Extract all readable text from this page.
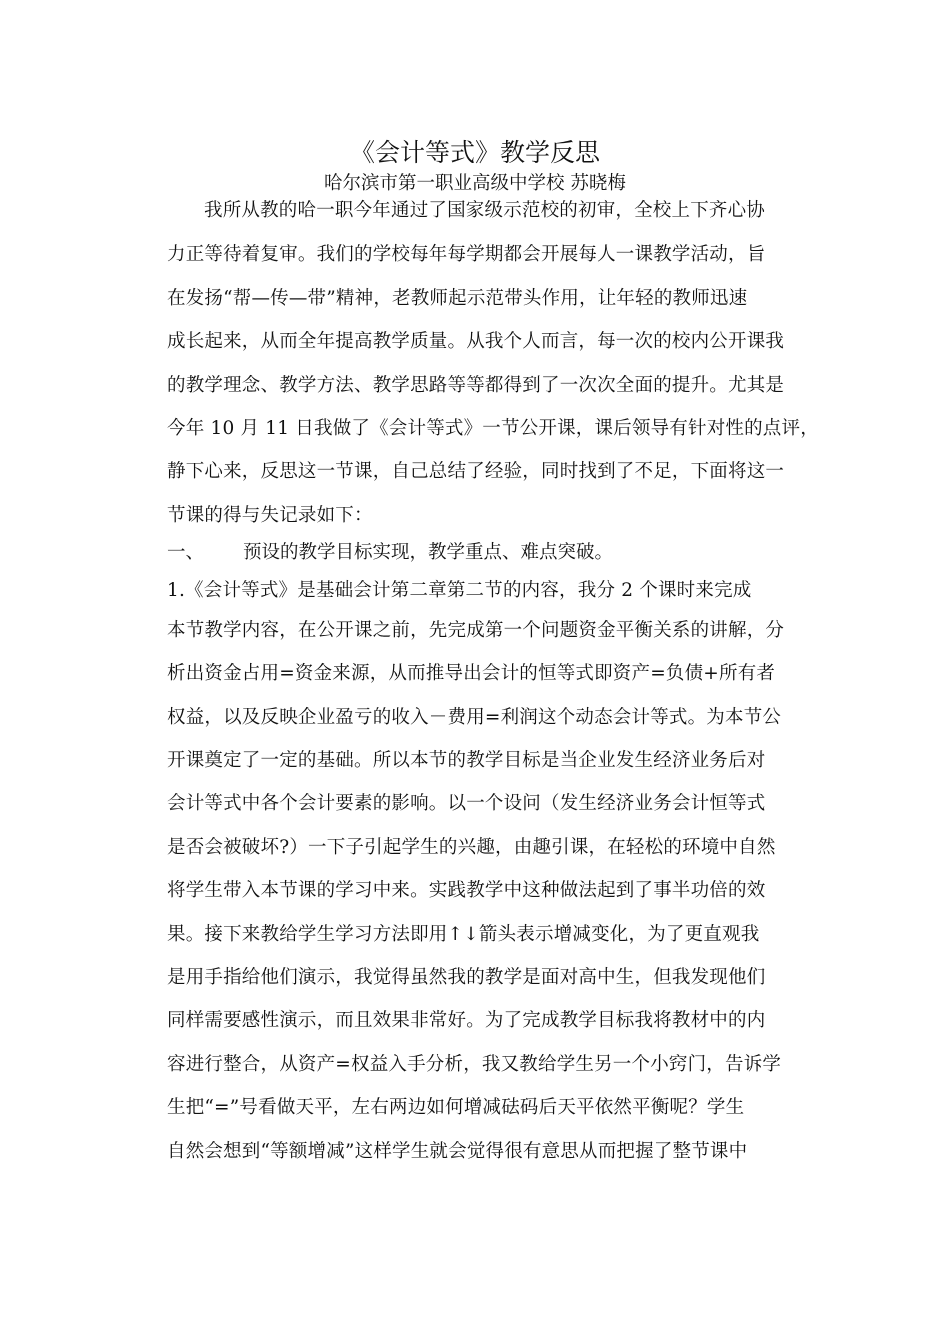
《会计等式》教学反思
哈尔滨市第一职业高级中学校 苏晓梅
我所从教的哈一职今年通过了国家级示范校的初审，全校上下齐心协
力正等待着复审。我们的学校每年每学期都会开展每人一课教学活动，旨
在发扬“帮—传—带”精神，老教师起示范带头作用，让年轻的教师迅速
成长起来，从而全年提高教学质量。从我个人而言，每一次的校内公开课我
的教学理念、教学方法、教学思路等等都得到了一次次全面的提升。尤其是
今年 10 月 11 日我做了《会计等式》一节公开课，课后领导有针对性的点评，
静下心来，反思这一节课，自己总结了经验，同时找到了不足，下面将这一
节课的得与失记录如下：
一、 预设的教学目标实现，教学重点、难点突破。
1.《会计等式》是基础会计第二章第二节的内容，我分 2 个课时来完成
本节教学内容，在公开课之前，先完成第一个问题资金平衡关系的讲解，分
析出资金占用=资金来源，从而推导出会计的恒等式即资产=负债+所有者
权益，以及反映企业盈亏的收入－费用=利润这个动态会计等式。为本节公
开课奠定了一定的基础。所以本节的教学目标是当企业发生经济业务后对
会计等式中各个会计要素的影响。以一个设问（发生经济业务会计恒等式
是否会被破坏?）一下子引起学生的兴趣，由趣引课，在轻松的环境中自然
将学生带入本节课的学习中来。实践教学中这种做法起到了事半功倍的效
果。接下来教给学生学习方法即用↑↓箭头表示增减变化，为了更直观我
是用手指给他们演示，我觉得虽然我的教学是面对高中生，但我发现他们
同样需要感性演示，而且效果非常好。为了完成教学目标我将教材中的内
容进行整合，从资产=权益入手分析，我又教给学生另一个小窍门，告诉学
生把“=”号看做天平，左右两边如何增减砝码后天平依然平衡呢？学生
自然会想到“等额增减”这样学生就会觉得很有意思从而把握了整节课中
